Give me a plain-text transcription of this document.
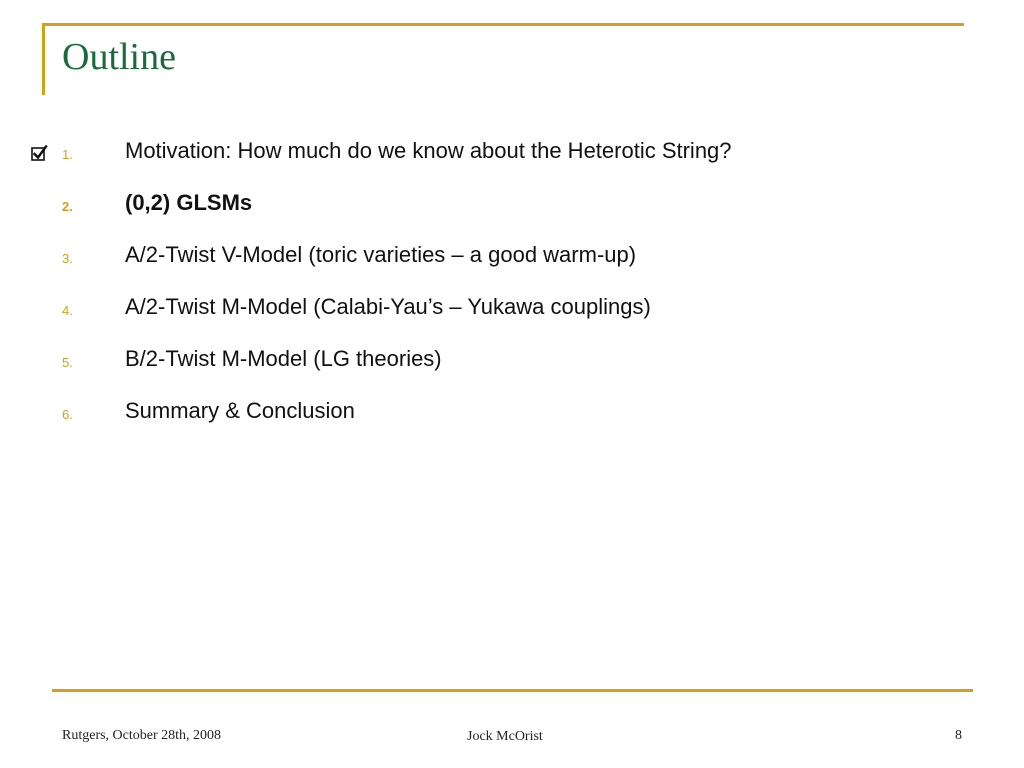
Outline
1. Motivation: How much do we know about the Heterotic String?
2. (0,2) GLSMs
3. A/2-Twist V-Model (toric varieties – a good warm-up)
4. A/2-Twist M-Model (Calabi-Yau’s – Yukawa couplings)
5. B/2-Twist M-Model (LG theories)
6. Summary & Conclusion
Rutgers, October 28th, 2008	Jock McOrist	8
